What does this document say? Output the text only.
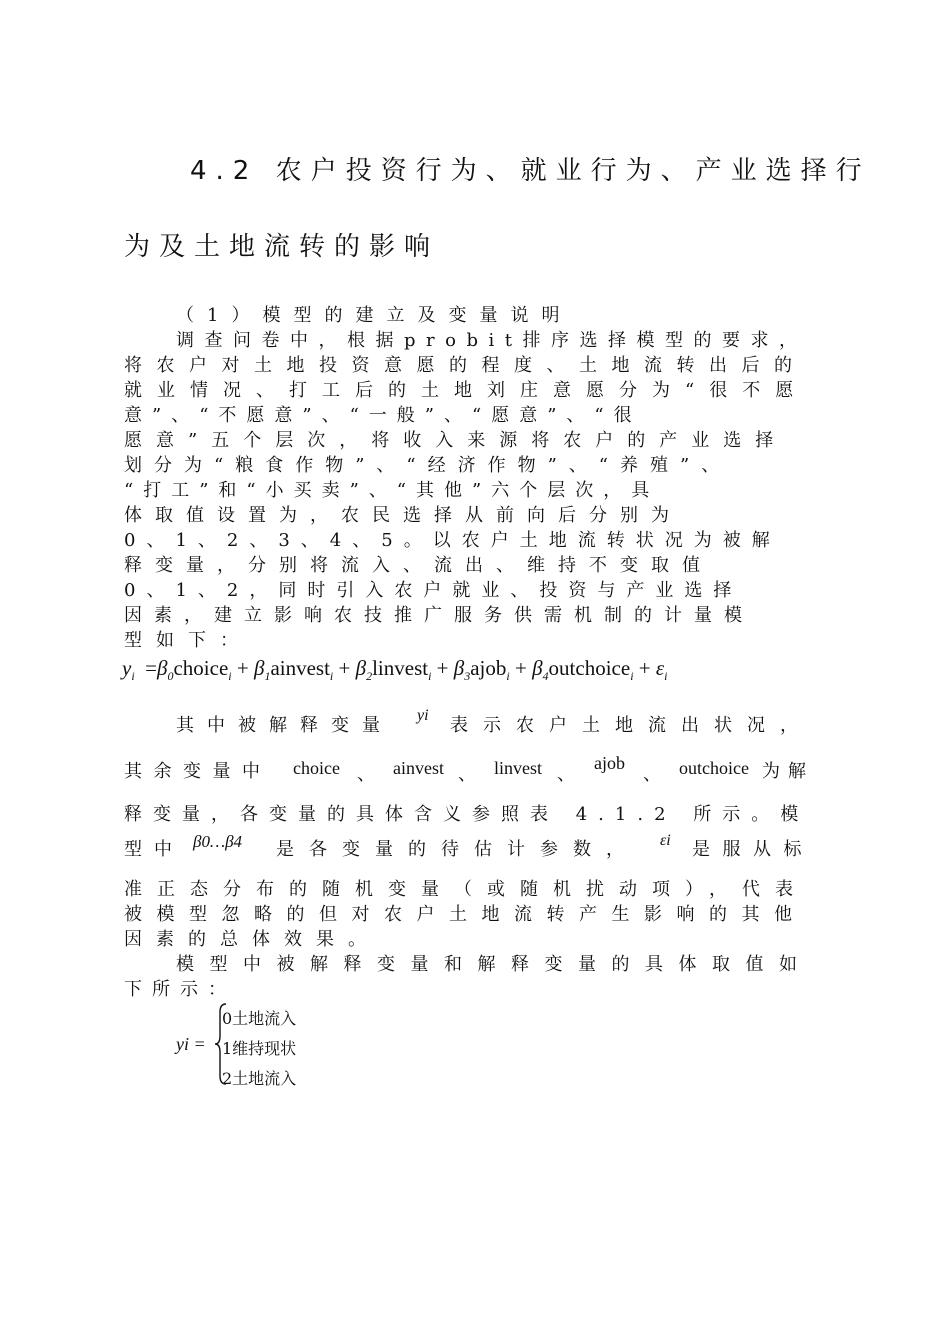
4.2 农户投资行为、就业行为、产业选择行
为及土地流转的影响
（1）模型的建立及变量说明
调查问卷中，根据probit排序选择模型的要求，
将农户对土地投资意愿的程度、土地流转出后的
就业情况、打工后的土地刘庄意愿分为“很不愿
意”、“不愿意”、“一般”、“愿意”、“很
愿意”五个层次，将收入来源将农户的产业选择
划分为“粮食作物”、“经济作物”、“养殖”、
“打工”和“小买卖”、“其他”六个层次，具
体取值设置为，农民选择从前向后分别为
0、1、2、3、4、5。以农户土地流转状况为被解
释变量，分别将流入、流出、维持不变取值
0、1、2，同时引入农户就业、投资与产业选择
因素，建立影响农技推广服务供需机制的计量模
型如下：
$y_i$  $=\beta_0choice_i$ + $\beta_1ainvest_i$ + $\beta_2linvest_i$ + $\beta_3ajob_i$ + $\beta_4outchoice_i + \varepsilon_i$
其中被解释变量 yi 表示农户土地流出状况，
其余变量中 choice 、 ainvest 、 linvest 、
ajob
、 outchoice 为解
释变量，各变量的具体含义参照表 4.1.2 所示。模
型中 β0…β4 是各变量的待估计参数， εi 是服从标
准正态分布的随机变量（或随机扰动项），代表
被模型忽略的但对农户土地流转产生影响的其他
因素的总体效果。
模型中被解释变量和解释变量的具体取值如
下所示：
yi =
0土地流入
1维持现状
2土地流入
